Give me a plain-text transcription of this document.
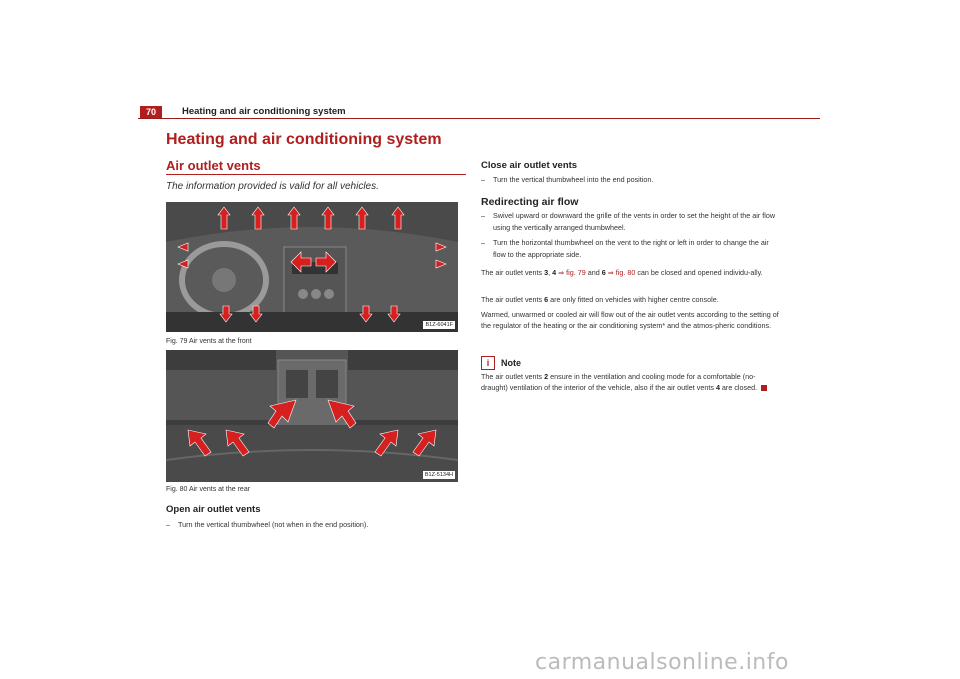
70	Heating and air conditioning system
Heating and air conditioning system
Air outlet vents
The information provided is valid for all vehicles.
B1Z-6041F
Fig. 79 Air vents at the front
B1Z-5134H
Fig. 80 Air vents at the rear
Open air outlet vents
–	Turn the vertical thumbwheel (not when in the end position).
Close air outlet vents
–	Turn the vertical thumbwheel into the end position.
Redirecting air flow
–	Swivel upward or downward the grille of the vents in order to set the height of the air flow using the vertically arranged thumbwheel.
–	Turn the horizontal thumbwheel on the vent to the right or left in order to change the air flow to the appropriate side.
The air outlet vents 3, 4 ⇒ fig. 79 and 6 ⇒ fig. 80 can be closed and opened individu-ally.
The air outlet vents 6 are only fitted on vehicles with higher centre console.
Warmed, unwarmed or cooled air will flow out of the air outlet vents according to the setting of the regulator of the heating or the air conditioning system* and the atmos-pheric conditions.
i Note
The air outlet vents 2 ensure in the ventilation and cooling mode for a comfortable (no-draught) ventilation of the interior of the vehicle, also if the air outlet vents 4 are closed.
carmanualsonline.info
